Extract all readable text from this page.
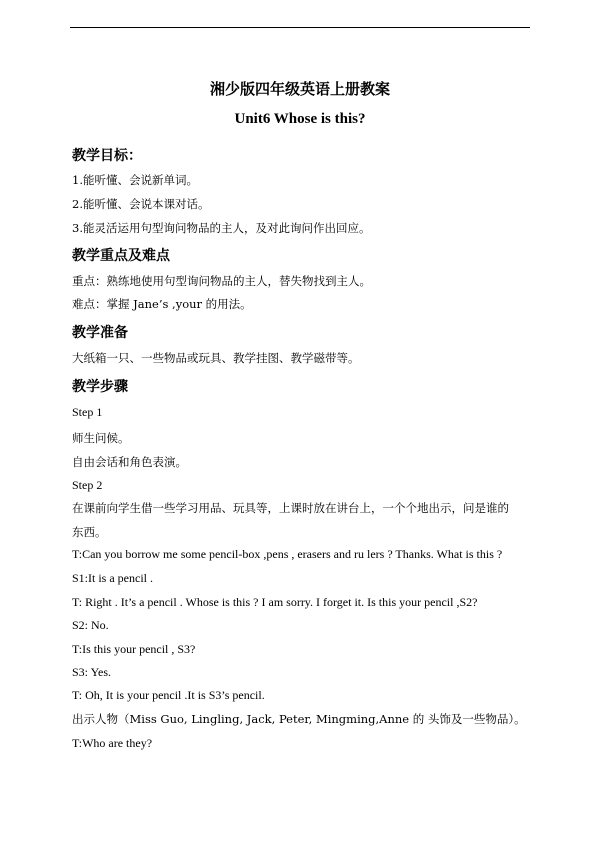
湘少版四年级英语上册教案
Unit6 Whose is this?
教学目标：
1.能听懂、会说新单词。
2.能听懂、会说本课对话。
3.能灵活运用句型询问物品的主人，及对此询问作出回应。
教学重点及难点
重点：熟练地使用句型询问物品的主人，替失物找到主人。
难点：掌握 Jane’s ,your 的用法。
教学准备
大纸箱一只、一些物品或玩具、教学挂图、教学磁带等。
教学步骤
Step 1
师生问候。
自由会话和角色表演。
Step 2
在课前向学生借一些学习用品、玩具等，上课时放在讲台上，一个个地出示，问是谁的
东西。
T:Can you borrow me some pencil-box ,pens , erasers and ru lers ? Thanks. What is this ?
S1:It is a pencil .
T: Right . It’s a pencil . Whose is this ? I am sorry. I forget it. Is this your pencil ,S2?
S2: No.
T:Is this your pencil , S3?
S3: Yes.
T: Oh, It is your pencil .It is S3’s pencil.
出示人物（Miss Guo, Lingling, Jack, Peter, Mingming,Anne 的 头饰及一些物品）。
T:Who are they?
